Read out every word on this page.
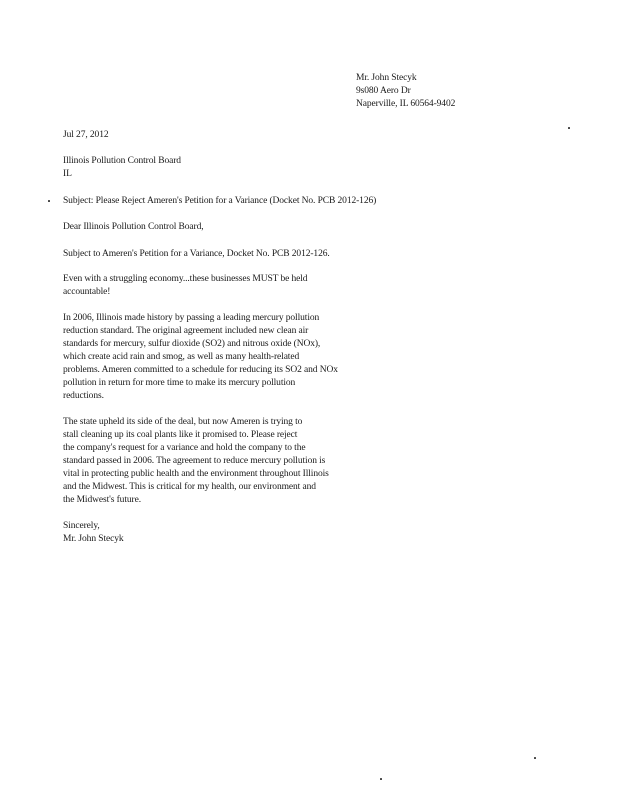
Mr. John Stecyk
9s080 Aero Dr
Naperville, IL 60564-9402
Jul 27, 2012
Illinois Pollution Control Board
IL
Subject: Please Reject Ameren's Petition for a Variance (Docket No. PCB 2012-126)
Dear Illinois Pollution Control Board,
Subject to Ameren's Petition for a Variance, Docket No. PCB 2012-126.
Even with a struggling economy...these businesses MUST be held
accountable!
In 2006, Illinois made history by passing a leading mercury pollution
reduction standard. The original agreement included new clean air
standards for mercury, sulfur dioxide (SO2) and nitrous oxide (NOx),
which create acid rain and smog, as well as many health-related
problems. Ameren committed to a schedule for reducing its SO2 and NOx
pollution in return for more time to make its mercury pollution
reductions.
The state upheld its side of the deal, but now Ameren is trying to
stall cleaning up its coal plants like it promised to. Please reject
the company's request for a variance and hold the company to the
standard passed in 2006. The agreement to reduce mercury pollution is
vital in protecting public health and the environment throughout Illinois
and the Midwest. This is critical for my health, our environment and
the Midwest's future.
Sincerely,
Mr. John Stecyk
